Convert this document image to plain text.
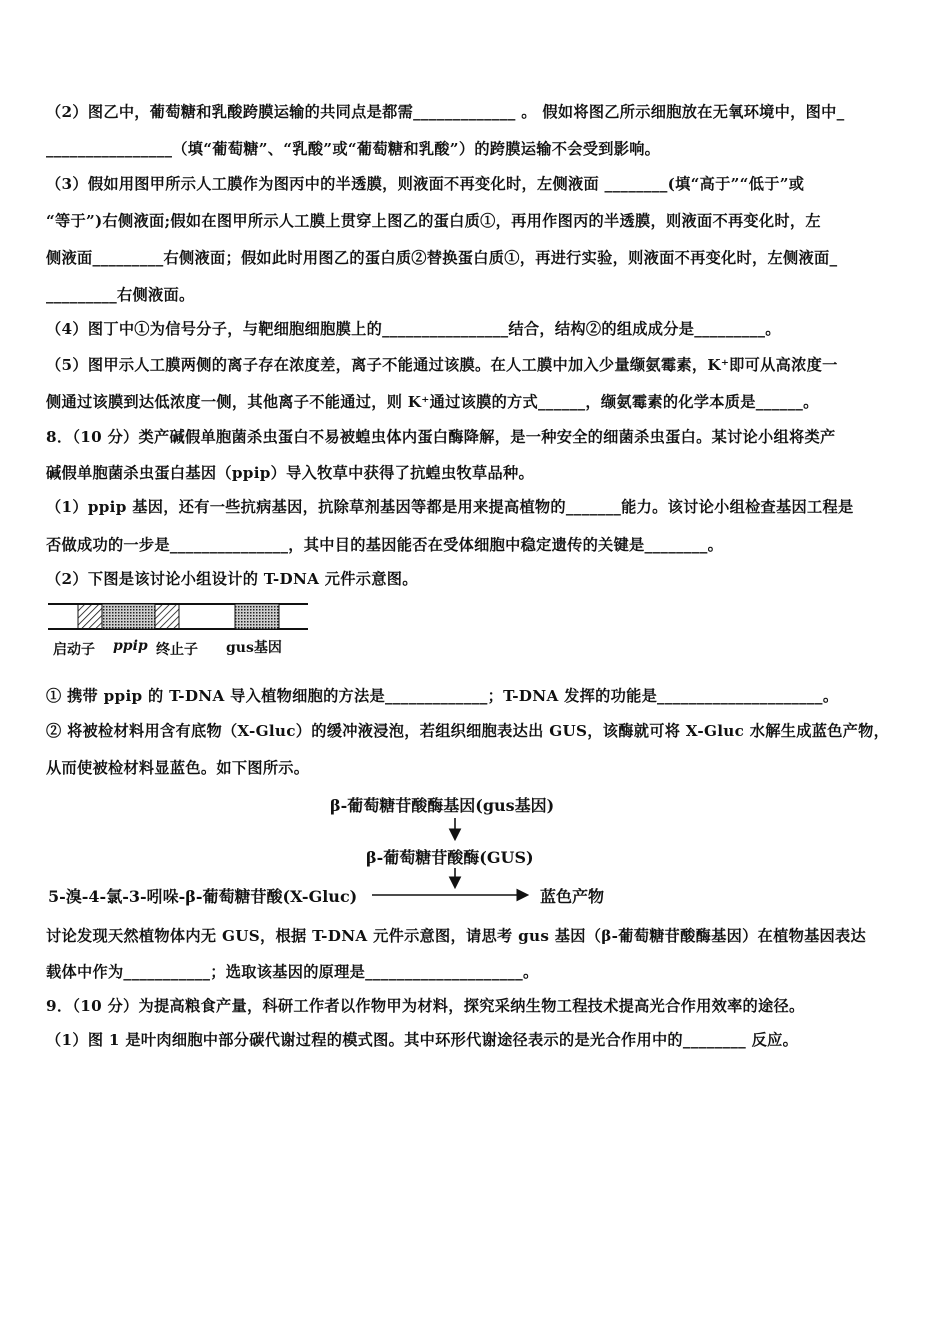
（2）图乙中，葡萄糖和乳酸跨膜运输的共同点是都需_____________ 。 假如将图乙所示细胞放在无氧环境中，图中_
________________（填“葡萄糖”、“乳酸”或“葡萄糖和乳酸”）的跨膜运输不会受到影响。
（3）假如用图甲所示人工膜作为图丙中的半透膜，则液面不再变化时，左侧液面 ________(填“高于”“低于”或
“等于”)右侧液面;假如在图甲所示人工膜上贯穿上图乙的蛋白质①，再用作图丙的半透膜，则液面不再变化时，左
侧液面_________右侧液面；假如此时用图乙的蛋白质②替换蛋白质①，再进行实验，则液面不再变化时，左侧液面_
_________右侧液面。
（4）图丁中①为信号分子，与靶细胞细胞膜上的________________结合，结构②的组成成分是_________。
（5）图甲示人工膜两侧的离子存在浓度差，离子不能通过该膜。在人工膜中加入少量缬氨霉素，K⁺即可从高浓度一
侧通过该膜到达低浓度一侧，其他离子不能通过，则 K⁺通过该膜的方式______，缬氨霉素的化学本质是______。
8．（10 分）类产碱假单胞菌杀虫蛋白不易被蝗虫体内蛋白酶降解，是一种安全的细菌杀虫蛋白。某讨论小组将类产
碱假单胞菌杀虫蛋白基因（ppip）导入牧草中获得了抗蝗虫牧草品种。
（1）ppip 基因，还有一些抗病基因，抗除草剂基因等都是用来提高植物的_______能力。该讨论小组检查基因工程是
否做成功的一步是_______________，其中目的基因能否在受体细胞中稳定遗传的关键是________。
（2）下图是该讨论小组设计的 T-DNA 元件示意图。
启动子 ppip 终止子 gus基因
① 携带 ppip 的 T-DNA 导入植物细胞的方法是_____________；T-DNA 发挥的功能是_____________________。
② 将被检材料用含有底物（X-Gluc）的缓冲液浸泡，若组织细胞表达出 GUS，该酶就可将 X-Gluc 水解生成蓝色产物，
从而使被检材料显蓝色。如下图所示。
β-葡萄糖苷酸酶基因(gus基因)
β-葡萄糖苷酸酶(GUS)
5-溴-4-氯-3-吲哚-β-葡萄糖苷酸(X-Gluc)	蓝色产物
讨论发现天然植物体内无 GUS，根据 T-DNA 元件示意图，请思考 gus 基因（β-葡萄糖苷酸酶基因）在植物基因表达
载体中作为___________；选取该基因的原理是____________________。
9．（10 分）为提高粮食产量，科研工作者以作物甲为材料，探究采纳生物工程技术提高光合作用效率的途径。
（1）图 1 是叶肉细胞中部分碳代谢过程的模式图。其中环形代谢途径表示的是光合作用中的________ 反应。
